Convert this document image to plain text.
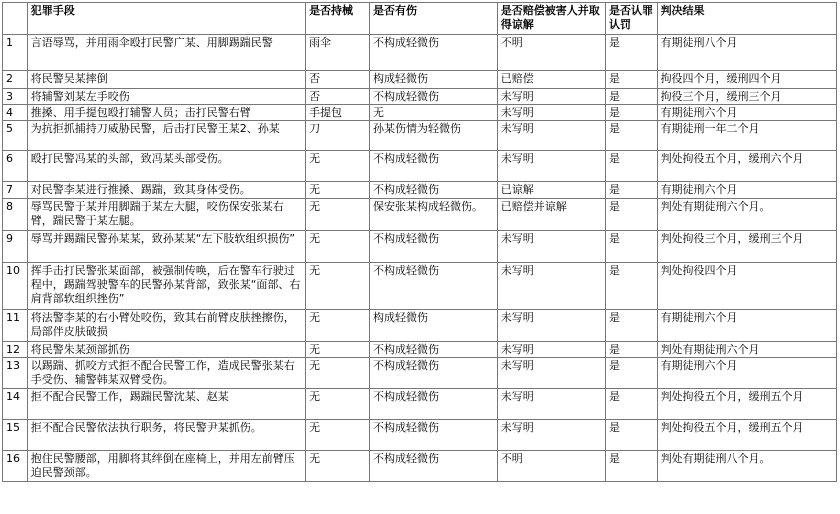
	犯罪手段	是否持械	是否有伤	是否赔偿被害人并取得谅解	是否认罪认罚	判决结果
1	言语辱骂，并用雨伞殴打民警广某、用脚踢踹民警	雨伞	不构成轻微伤	不明	是	有期徒刑八个月
2	将民警吴某摔倒	否	构成轻微伤	已赔偿	是	拘役四个月，缓刑四个月
3	将辅警刘某左手咬伤	否	不构成轻微伤	未写明	是	拘役三个月，缓刑三个月
4	推搡、用手提包殴打辅警人员；击打民警右臂	手提包	无	未写明	是	有期徒刑六个月
5	为抗拒抓捕持刀威胁民警，后击打民警王某2、孙某	刀	孙某伤情为轻微伤	未写明	是	有期徒刑一年二个月
6	殴打民警冯某的头部，致冯某头部受伤。	无	不构成轻微伤	未写明	是	判处拘役五个月，缓刑六个月
7	对民警李某进行推搡、踢踹，致其身体受伤。	无	不构成轻微伤	已谅解	是	有期徒刑六个月
8	辱骂民警于某并用脚踹于某左大腿，咬伤保安张某右臂，踹民警于某左腿。	无	保安张某构成轻微伤。	已赔偿并谅解	是	判处有期徒刑六个月。
9	辱骂并踢踹民警孙某某，致孙某某“左下肢软组织损伤”	无	不构成轻微伤	未写明	是	判处拘役三个月，缓刑三个月
10	挥手击打民警张某面部，被强制传唤，后在警车行驶过程中，踢踹驾驶警车的民警孙某背部，致张某“面部、右肩背部软组织挫伤”	无	不构成轻微伤	未写明	是	判处拘役四个月
11	将法警李某的右小臂处咬伤，致其右前臂皮肤挫擦伤，局部伴皮肤破损	无	构成轻微伤	未写明	是	有期徒刑六个月
12	将民警朱某颈部抓伤	无	不构成轻微伤	未写明	是	判处有期徒刑六个月
13	以踢踹、抓咬方式拒不配合民警工作，造成民警张某右手受伤、辅警韩某双臂受伤。	无	不构成轻微伤	未写明	是	有期徒刑六个月
14	拒不配合民警工作，踢踹民警沈某、赵某	无	不构成轻微伤	未写明	是	判处拘役五个月，缓刑五个月
15	拒不配合民警依法执行职务，将民警尹某抓伤。	无	不构成轻微伤	未写明	是	判处拘役五个月，缓刑五个月
16	抱住民警腰部，用脚将其绊倒在座椅上，并用左前臂压迫民警颈部。	无	不构成轻微伤	不明	是	判处有期徒刑八个月。
